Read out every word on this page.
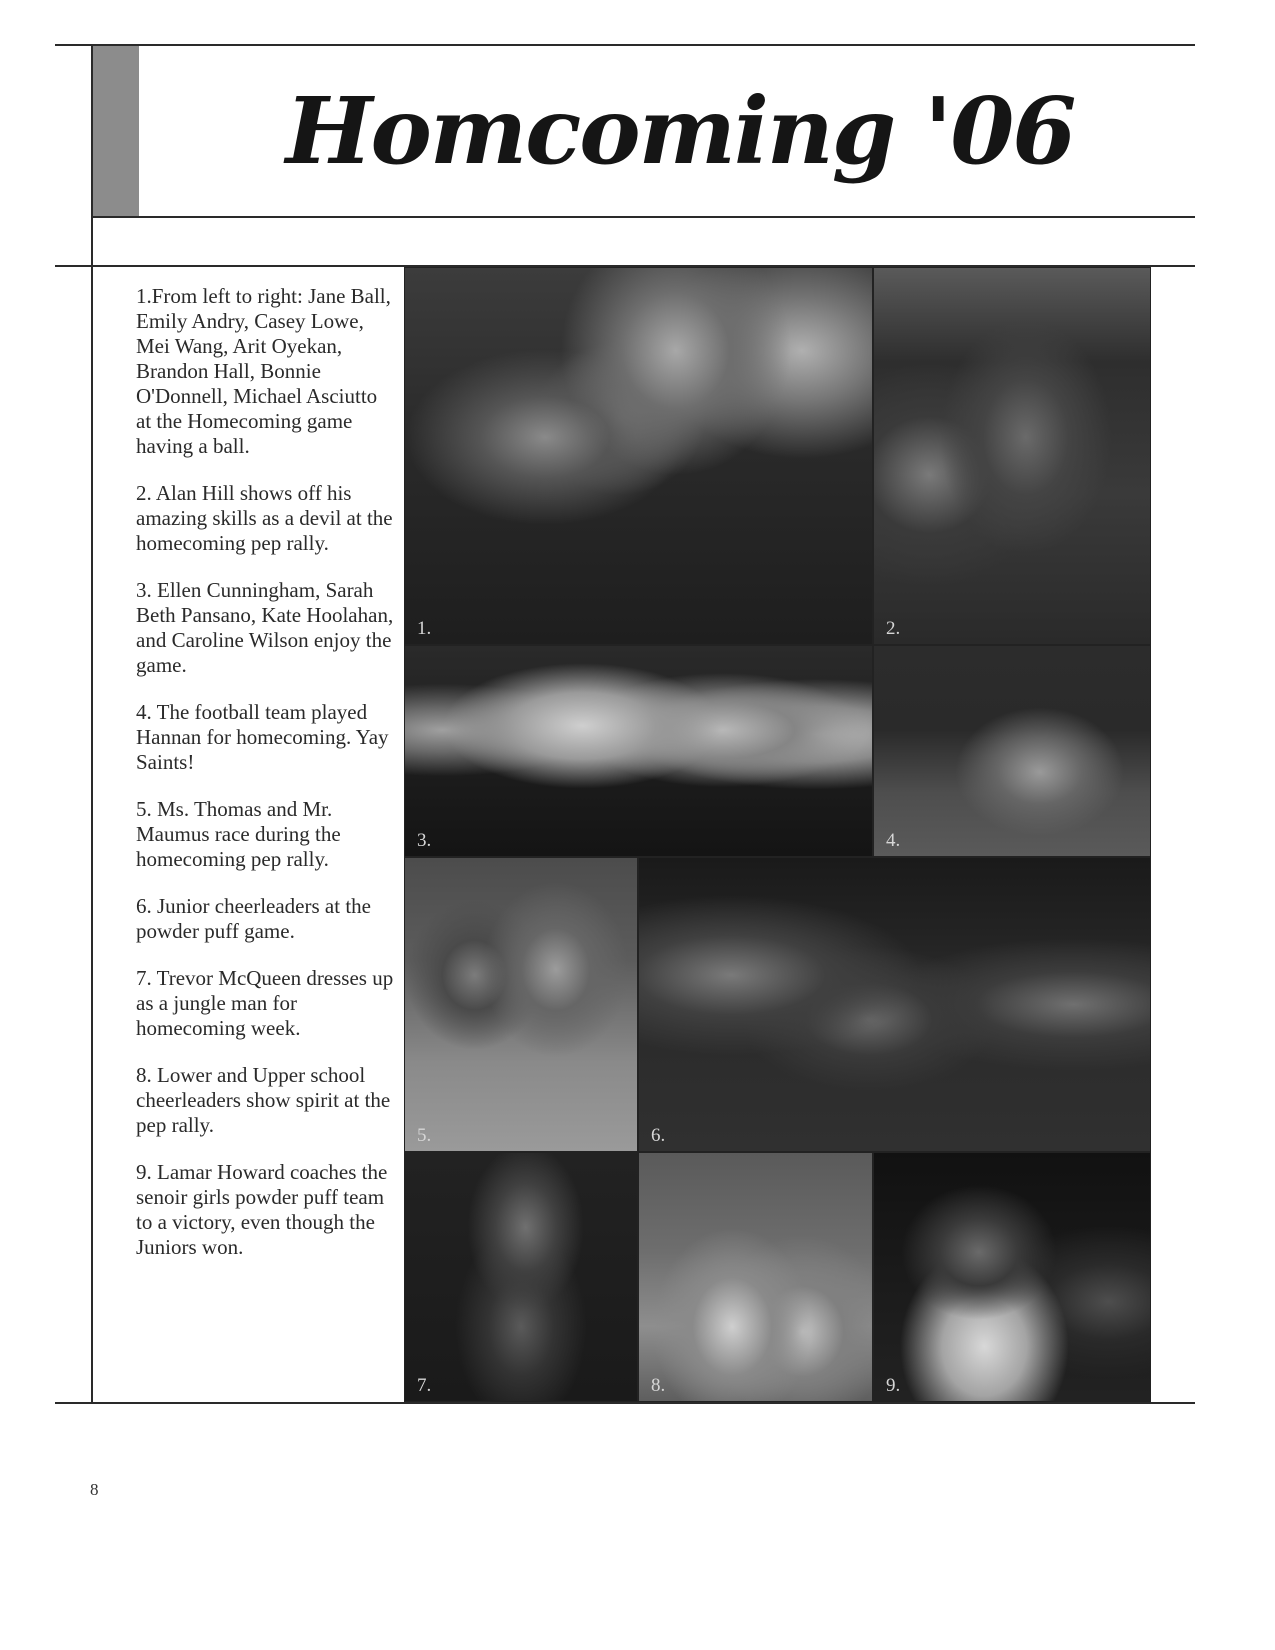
Homcoming '06

1.From left to right: Jane Ball, Emily Andry, Casey Lowe, Mei Wang, Arit Oyekan, Brandon Hall, Bonnie O'Donnell, Michael Asciutto at the Homecoming game having a ball.

2. Alan Hill shows off his amazing skills as a devil at the homecoming pep rally.

3. Ellen Cunningham, Sarah Beth Pansano, Kate Hoolahan, and Caroline Wilson enjoy the game.

4. The football team played Hannan for homecoming. Yay Saints!

5. Ms. Thomas and Mr. Maumus race during the homecoming pep rally.

6. Junior cheerleaders at the powder puff game.

7. Trevor McQueen dresses up as a jungle man for homecoming week.

8. Lower and Upper school cheerleaders show spirit at the pep rally.

9. Lamar Howard coaches the senoir girls powder puff team to a victory, even though the Juniors won.

1.	2.
3.	4.
5.	6.
7.	8.	9.
8
